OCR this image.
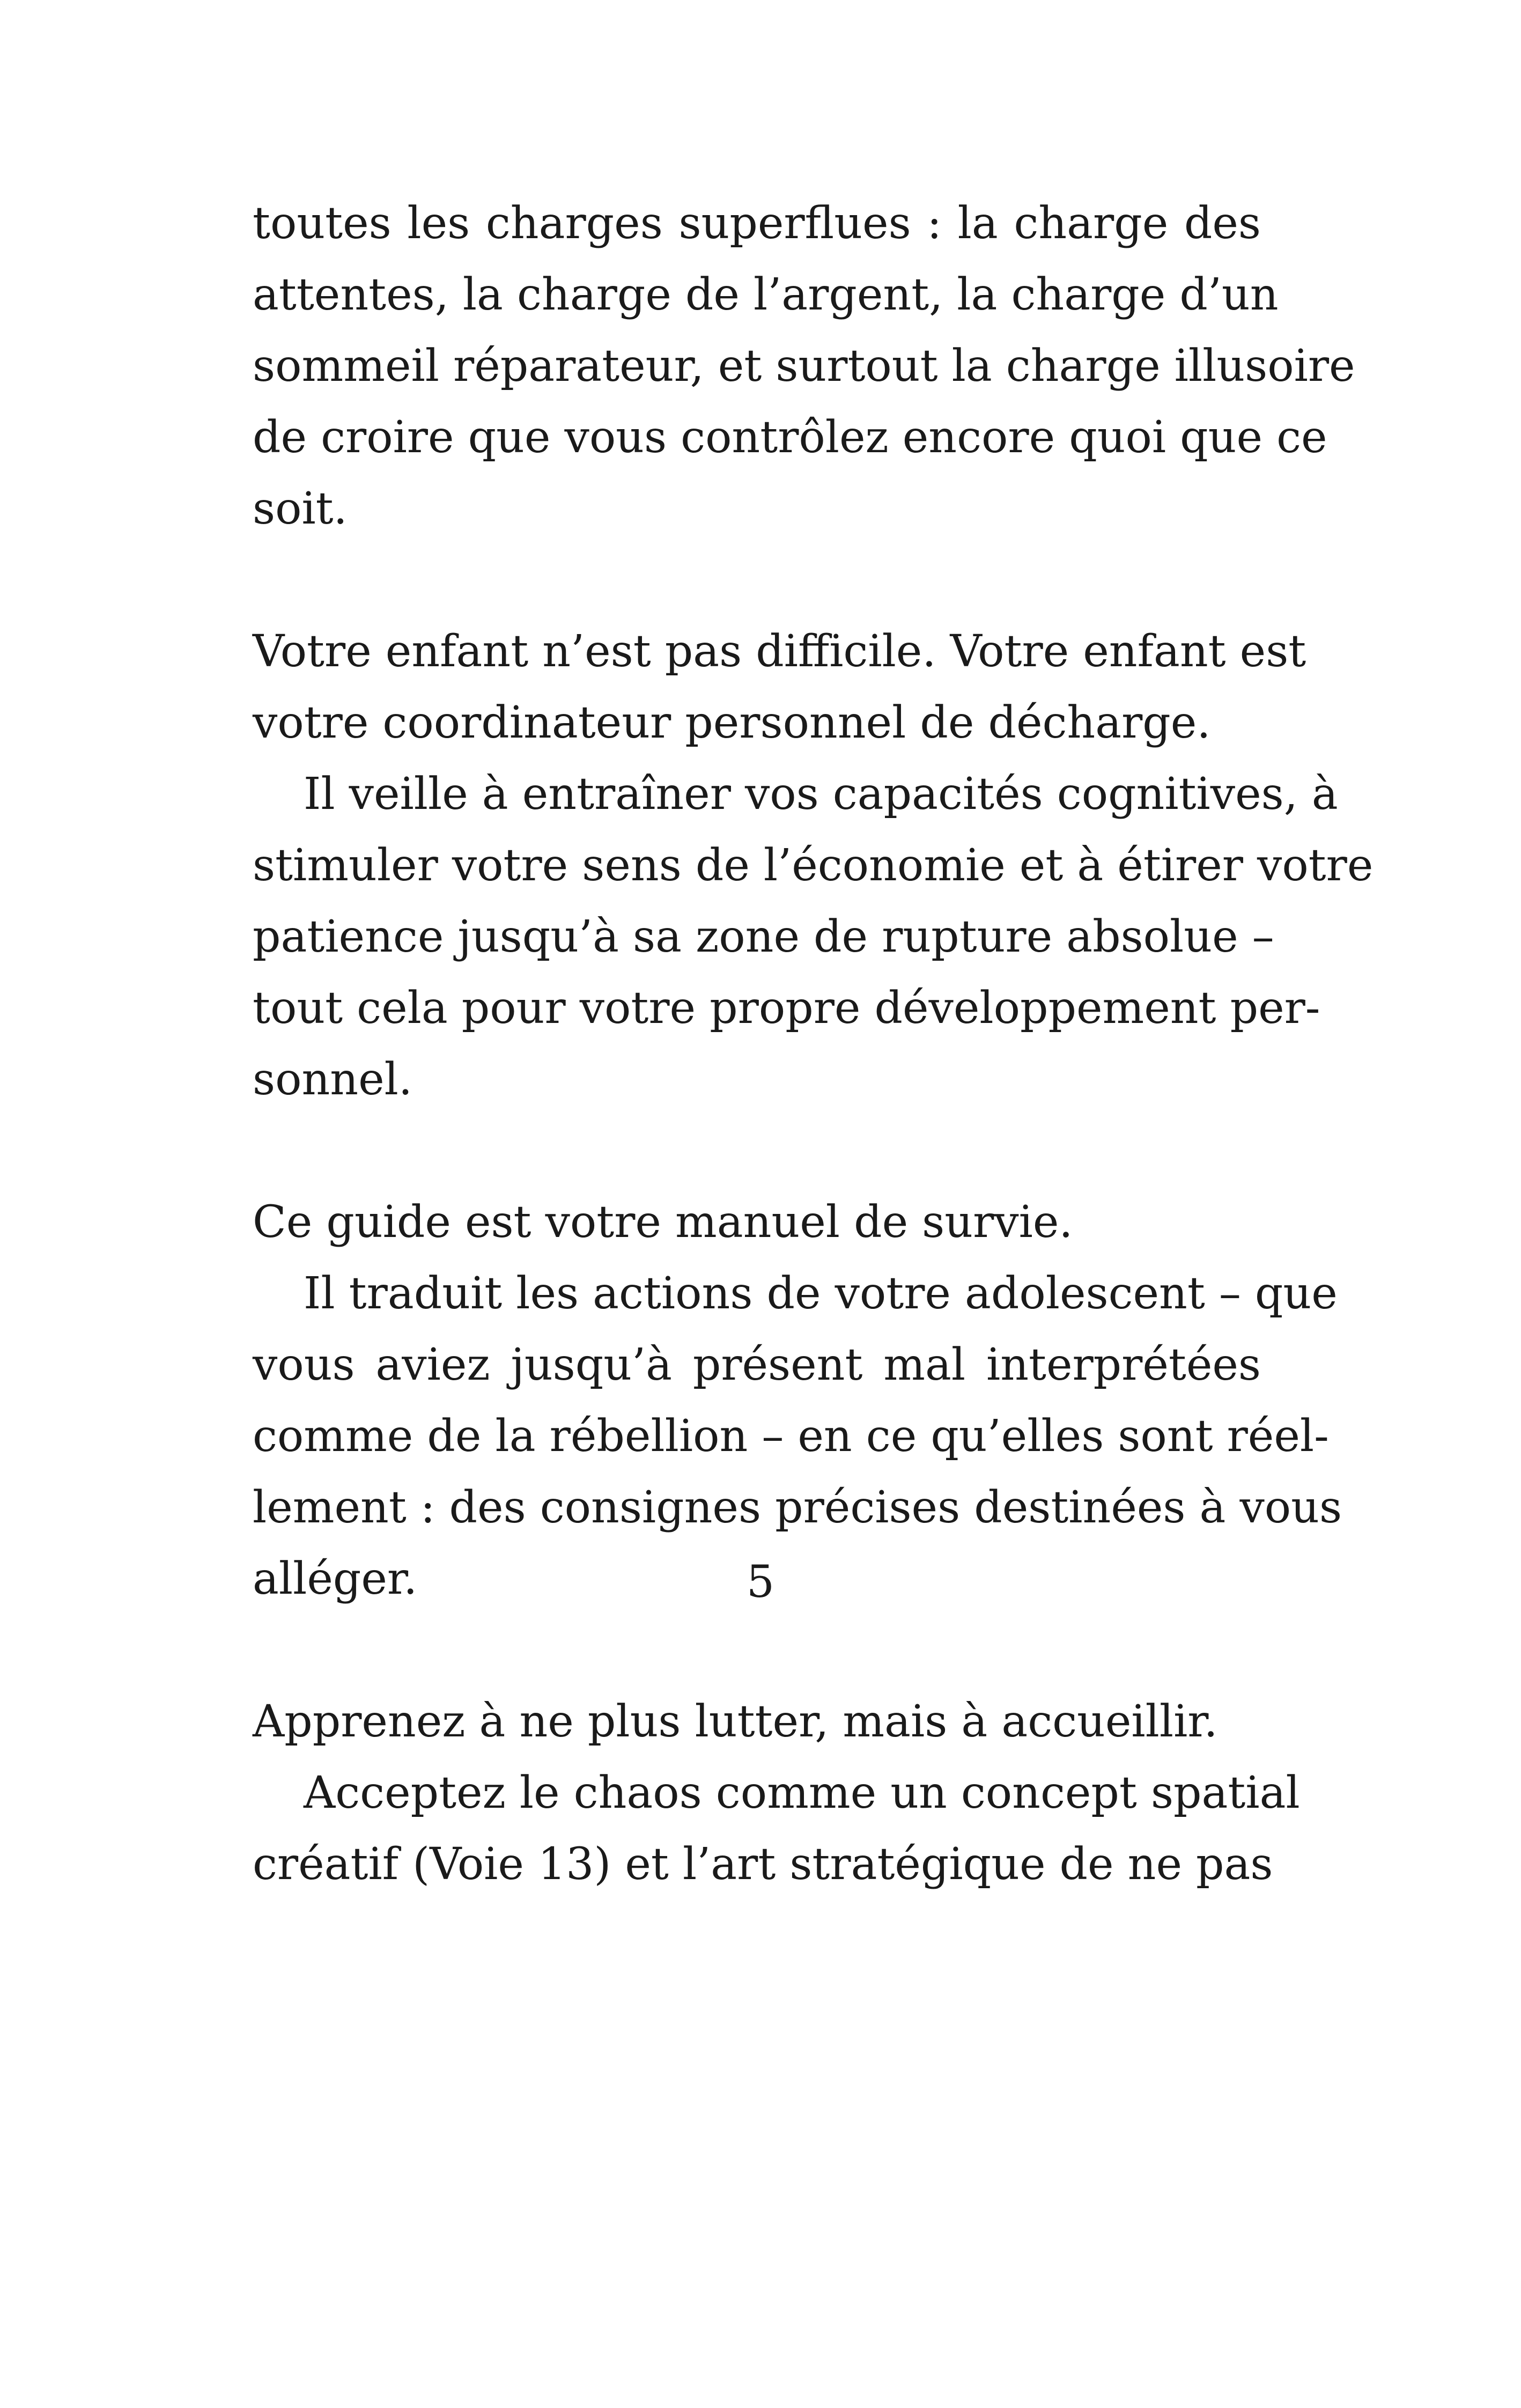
toutes les charges superflues : la charge des
attentes, la charge de l’argent, la charge d’un
sommeil réparateur, et surtout la charge illusoire
de croire que vous contrôlez encore quoi que ce
soit.
Votre enfant n’est pas difficile. Votre enfant est
votre coordinateur personnel de décharge.
Il veille à entraîner vos capacités cognitives, à
stimuler votre sens de l’économie et à étirer votre
patience jusqu’à sa zone de rupture absolue –
tout cela pour votre propre développement per-
sonnel.
Ce guide est votre manuel de survie.
Il traduit les actions de votre adolescent – que
vous aviez jusqu’à présent mal interprétées
comme de la rébellion – en ce qu’elles sont réel-
lement : des consignes précises destinées à vous
alléger.
Apprenez à ne plus lutter, mais à accueillir.
Acceptez le chaos comme un concept spatial
créatif (Voie 13) et l’art stratégique de ne pas
5
